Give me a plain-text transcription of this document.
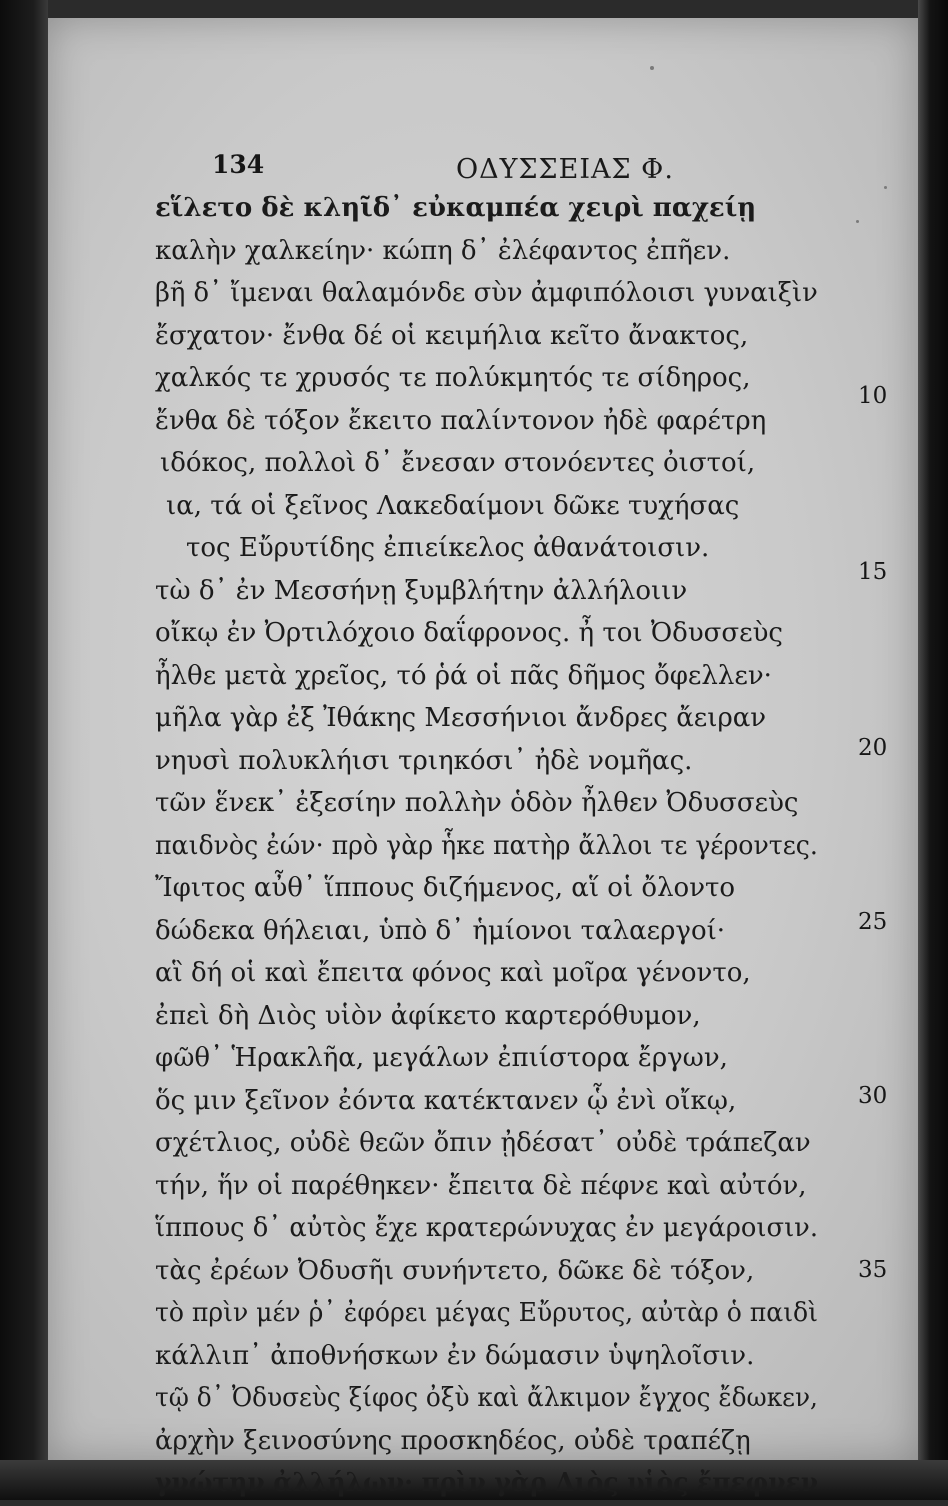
134	ΟΔΥΣΣΕΙΑΣ Φ.
εἵλετο δὲ κληῖδ᾽ εὐκαμπέα χειρὶ παχείῃ
καλὴν χαλκείην· κώπη δ᾽ ἐλέφαντος ἐπῆεν.
βῆ δ᾽ ἴμεναι θαλαμόνδε σὺν ἀμφιπόλοισι γυναιξὶν
ἔσχατον· ἔνθα δέ οἱ κειμήλια κεῖτο ἄνακτος,
χαλκός τε χρυσός τε πολύκμητός τε σίδηρος,
ἔνθα δὲ τόξον ἔκειτο παλίντονον ἠδὲ φαρέτρη
ιδόκος, πολλοὶ δ᾽ ἔνεσαν στονόεντες ὀιστοί,
ια, τά οἱ ξεῖνος Λακεδαίμονι δῶκε τυχήσας
τος Εὔρυτίδης ἐπιείκελος ἀθανάτοισιν.
τὼ δ᾽ ἐν Μεσσήνῃ ξυμβλήτην ἀλλήλοιιν
οἴκῳ ἐν Ὀρτιλόχοιο δαΐφρονος. ἦ τοι Ὀδυσσεὺς
ἦλθε μετὰ χρεῖος, τό ῥά οἱ πᾶς δῆμος ὄφελλεν·
μῆλα γὰρ ἐξ Ἰθάκης Μεσσήνιοι ἄνδρες ἄειραν
νηυσὶ πολυκλήισι τριηκόσι᾽ ἠδὲ νομῆας.
τῶν ἕνεκ᾽ ἐξεσίην πολλὴν ὁδὸν ἦλθεν Ὀδυσσεὺς
παιδνὸς ἐών· πρὸ γὰρ ἧκε πατὴρ ἄλλοι τε γέροντες.
Ἴφιτος αὖθ᾽ ἵππους διζήμενος, αἵ οἱ ὄλοντο
δώδεκα θήλειαι, ὑπὸ δ᾽ ἡμίονοι ταλαεργοί·
αἳ δή οἱ καὶ ἔπειτα φόνος καὶ μοῖρα γένοντο,
ἐπεὶ δὴ Διὸς υἱὸν ἀφίκετο καρτερόθυμον,
φῶθ᾽ Ἡρακλῆα, μεγάλων ἐπιίστορα ἔργων,
ὅς μιν ξεῖνον ἐόντα κατέκτανεν ᾧ ἐνὶ οἴκῳ,
σχέτλιος, οὐδὲ θεῶν ὄπιν ᾐδέσατ᾽ οὐδὲ τράπεζαν
τήν, ἥν οἱ παρέθηκεν· ἔπειτα δὲ πέφνε καὶ αὐτόν,
ἵππους δ᾽ αὐτὸς ἔχε κρατερώνυχας ἐν μεγάροισιν.
τὰς ἐρέων Ὀδυσῆι συνήντετο, δῶκε δὲ τόξον,
τὸ πρὶν μέν ῥ᾽ ἐφόρει μέγας Εὔρυτος, αὐτὰρ ὁ παιδὶ
κάλλιπ᾽ ἀποθνήσκων ἐν δώμασιν ὑψηλοῖσιν.
τῷ δ᾽ Ὀδυσεὺς ξίφος ὀξὺ καὶ ἄλκιμον ἔγχος ἔδωκεν,
ἀρχὴν ξεινοσύνης προσκηδέος, οὐδὲ τραπέζῃ
γνώτην ἀλλήλων· πρὶν γὰρ Διὸς υἱὸς ἔπεφνεν
10
15
20
25
30
35
